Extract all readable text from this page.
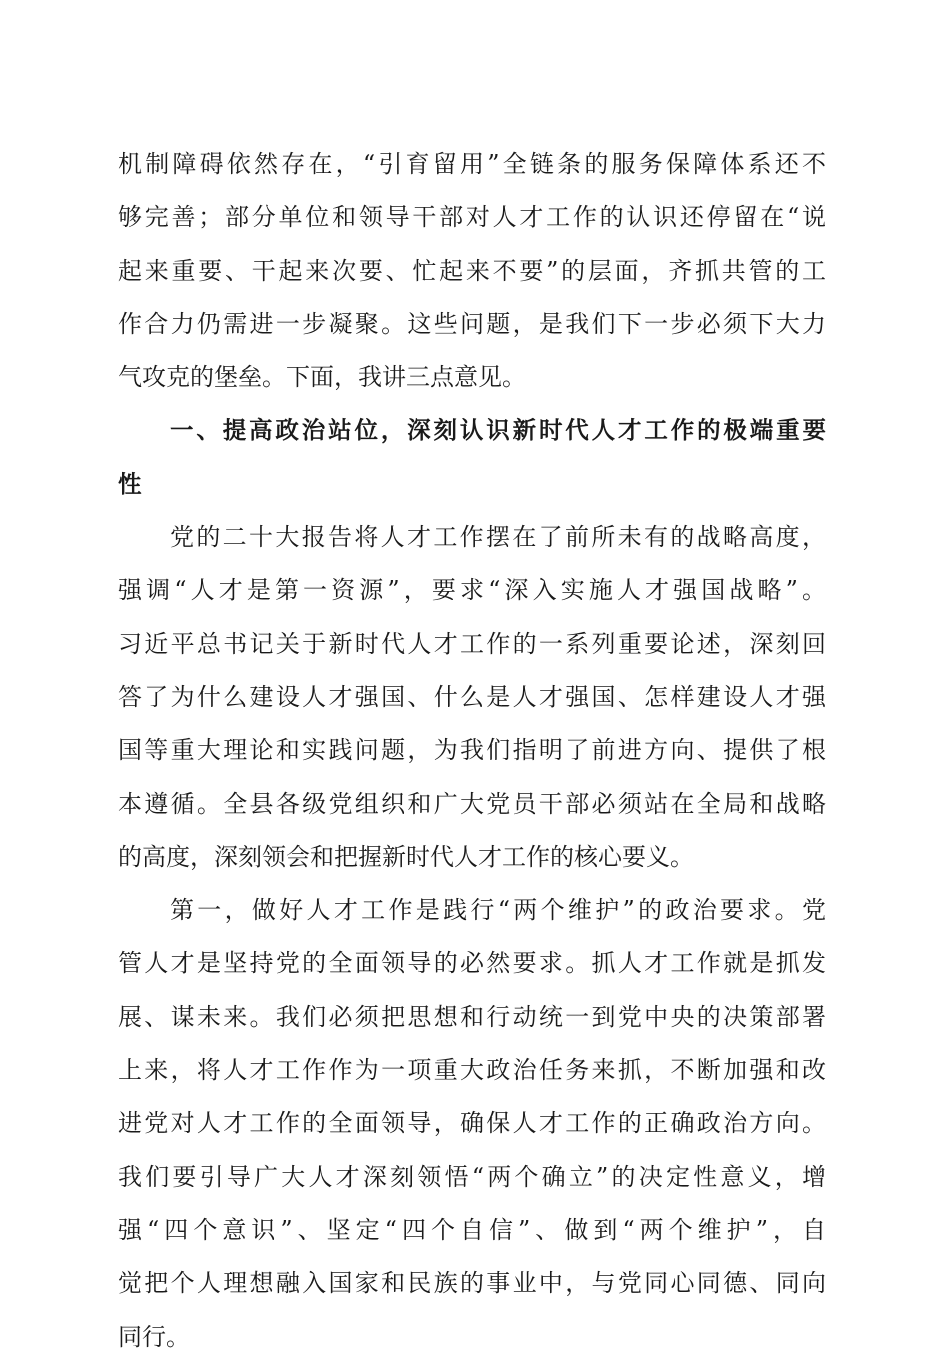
机制障碍依然存在，“引育留用”全链条的服务保障体系还不
够完善；部分单位和领导干部对人才工作的认识还停留在“说
起来重要、干起来次要、忙起来不要”的层面，齐抓共管的工
作合力仍需进一步凝聚。这些问题，是我们下一步必须下大力
气攻克的堡垒。下面，我讲三点意见。
一、提高政治站位，深刻认识新时代人才工作的极端重要
性
党的二十大报告将人才工作摆在了前所未有的战略高度，
强调“人才是第一资源”，要求“深入实施人才强国战略”。
习近平总书记关于新时代人才工作的一系列重要论述，深刻回
答了为什么建设人才强国、什么是人才强国、怎样建设人才强
国等重大理论和实践问题，为我们指明了前进方向、提供了根
本遵循。全县各级党组织和广大党员干部必须站在全局和战略
的高度，深刻领会和把握新时代人才工作的核心要义。
第一，做好人才工作是践行“两个维护”的政治要求。党
管人才是坚持党的全面领导的必然要求。抓人才工作就是抓发
展、谋未来。我们必须把思想和行动统一到党中央的决策部署
上来，将人才工作作为一项重大政治任务来抓，不断加强和改
进党对人才工作的全面领导，确保人才工作的正确政治方向。
我们要引导广大人才深刻领悟“两个确立”的决定性意义，增
强“四个意识”、坚定“四个自信”、做到“两个维护”，自
觉把个人理想融入国家和民族的事业中，与党同心同德、同向
同行。
